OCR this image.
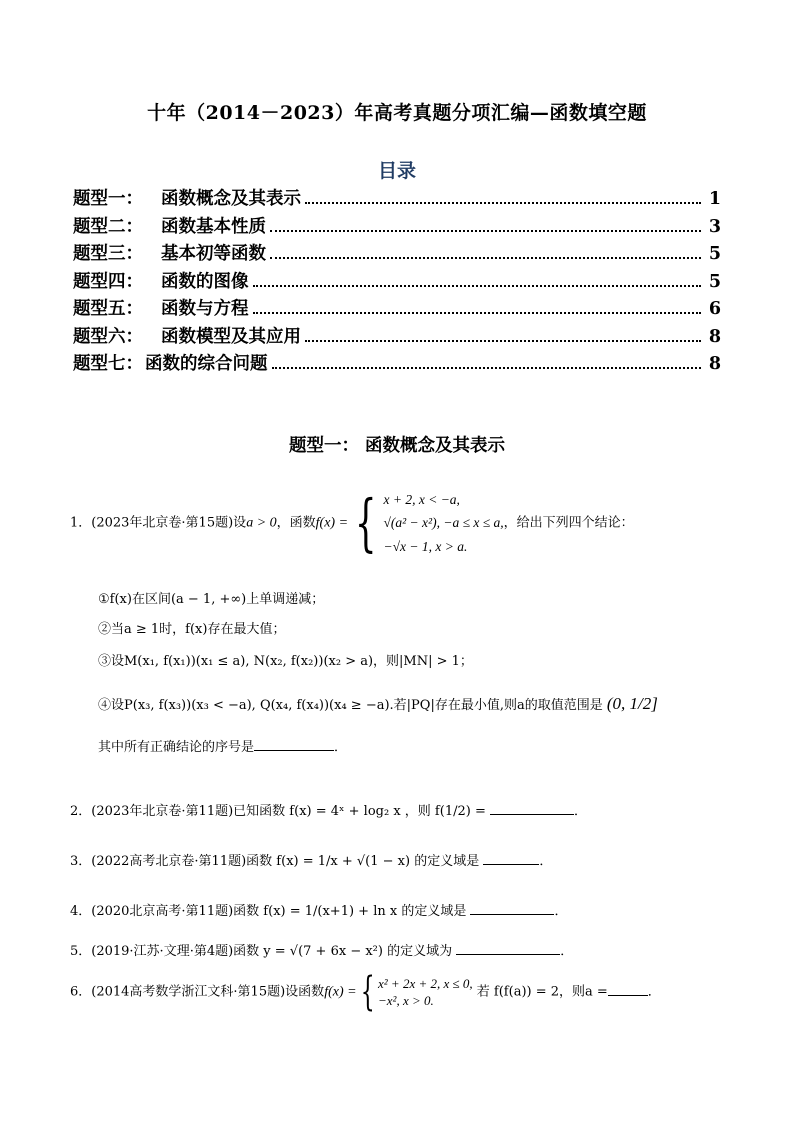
十年（2014－2023）年高考真题分项汇编—函数填空题
目录
题型一： 函数概念及其表示	1
题型二： 函数基本性质	3
题型三： 基本初等函数	5
题型四： 函数的图像	5
题型五： 函数与方程	6
题型六： 函数模型及其应用	8
题型七： 函数的综合问题	8
题型一： 函数概念及其表示
1．(2023年北京卷·第15题)设a > 0，函数f(x) = { x + 2, x < −a,
√(a² − x²), −a ≤ x ≤ a,
−√x − 1, x > a.
，给出下列四个结论：
①f(x)在区间(a − 1, +∞)上单调递减；
②当a ≥ 1时，f(x)存在最大值；
③设M(x₁, f(x₁))(x₁ ≤ a), N(x₂, f(x₂))(x₂ > a)，则|MN| > 1；
④设P(x₃, f(x₃))(x₃ < −a), Q(x₄, f(x₄))(x₄ ≥ −a).若|PQ|存在最小值,则a的取值范围是 (0, 1/2]
其中所有正确结论的序号是	．
2．(2023年北京卷·第11题)已知函数 f(x) = 4ˣ + log₂ x ，则 f(1/2) =	．
3．(2022高考北京卷·第11题)函数 f(x) = 1/x + √(1 − x) 的定义域是	．
4．(2020北京高考·第11题)函数 f(x) = 1/(x+1) + ln x 的定义域是	．
5．(2019·江苏·文理·第4题)函数 y = √(7 + 6x − x²) 的定义域为	．
6．(2014高考数学浙江文科·第15题)设函数f(x) ={ x² + 2x + 2, x ≤ 0,
−x², x > 0.
若 f(f(a)) = 2，则a =	．
